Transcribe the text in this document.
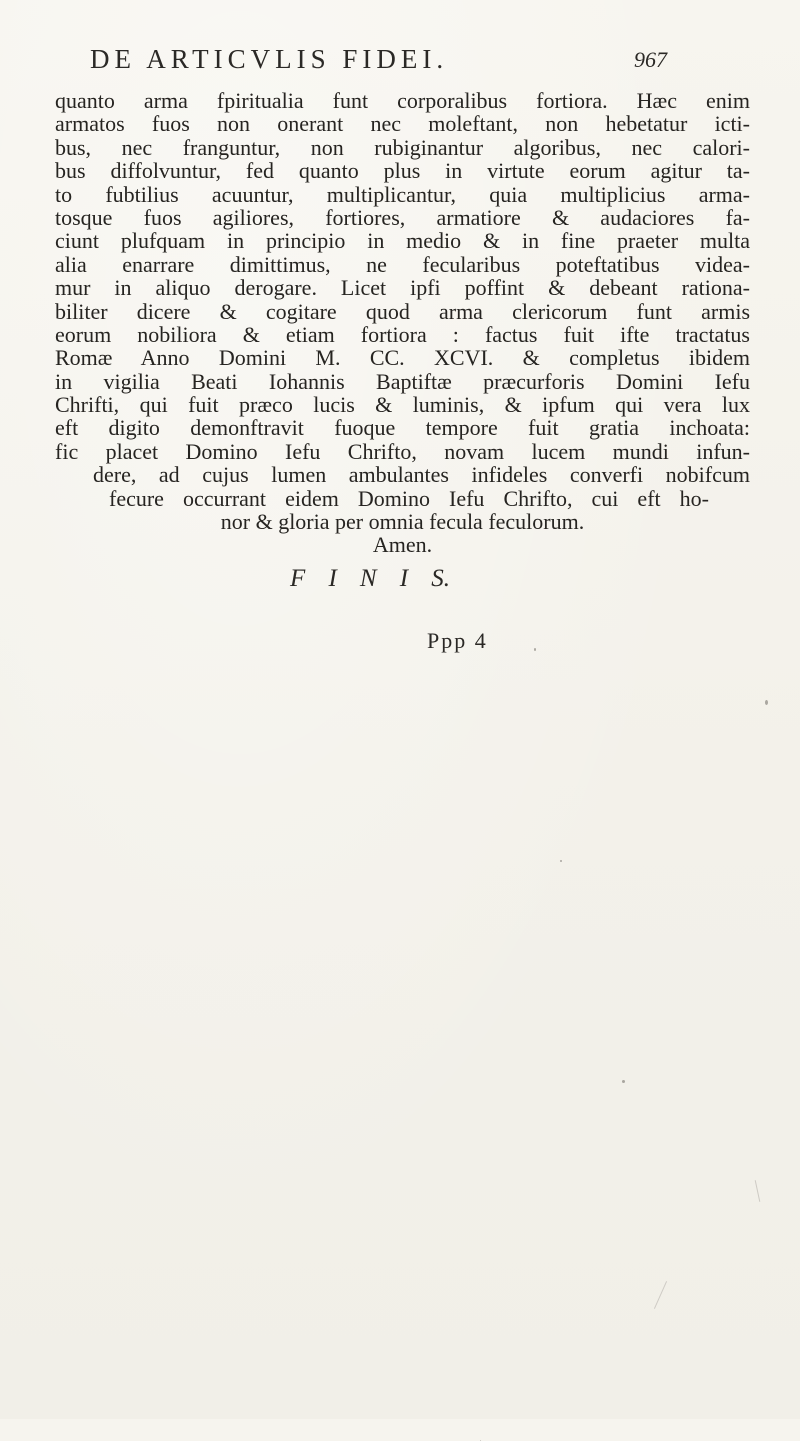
DE ARTICVLIS FIDEI.	967
quanto arma fpiritualia funt corporalibus fortiora. Hæc enim
armatos fuos non onerant nec moleftant, non hebetatur icti-
bus, nec franguntur, non rubiginantur algoribus, nec calori-
bus diffolvuntur, fed quanto plus in virtute eorum agitur ta-
to fubtilius acuuntur, multiplicantur, quia multiplicius arma-
tosque fuos agiliores, fortiores, armatiore & audaciores fa-
ciunt plufquam in principio in medio & in fine praeter multa
alia enarrare dimittimus, ne fecularibus poteftatibus videa-
mur in aliquo derogare. Licet ipfi poffint & debeant rationa-
biliter dicere & cogitare quod arma clericorum funt armis
eorum nobiliora & etiam fortiora : factus fuit ifte tractatus
Romæ Anno Domini M. CC. XCVI. & completus ibidem
in vigilia Beati Iohannis Baptiftæ præcurforis Domini Iefu
Chrifti, qui fuit præco lucis & luminis, & ipfum qui vera lux
eft digito demonftravit fuoque tempore fuit gratia inchoata:
fic placet Domino Iefu Chrifto, novam lucem mundi infun-
dere, ad cujus lumen ambulantes infideles converfi nobifcum
fecure occurrant eidem Domino Iefu Chrifto, cui eft ho-
nor & gloria per omnia fecula feculorum.
Amen.
F I N I S.
Ppp 4
